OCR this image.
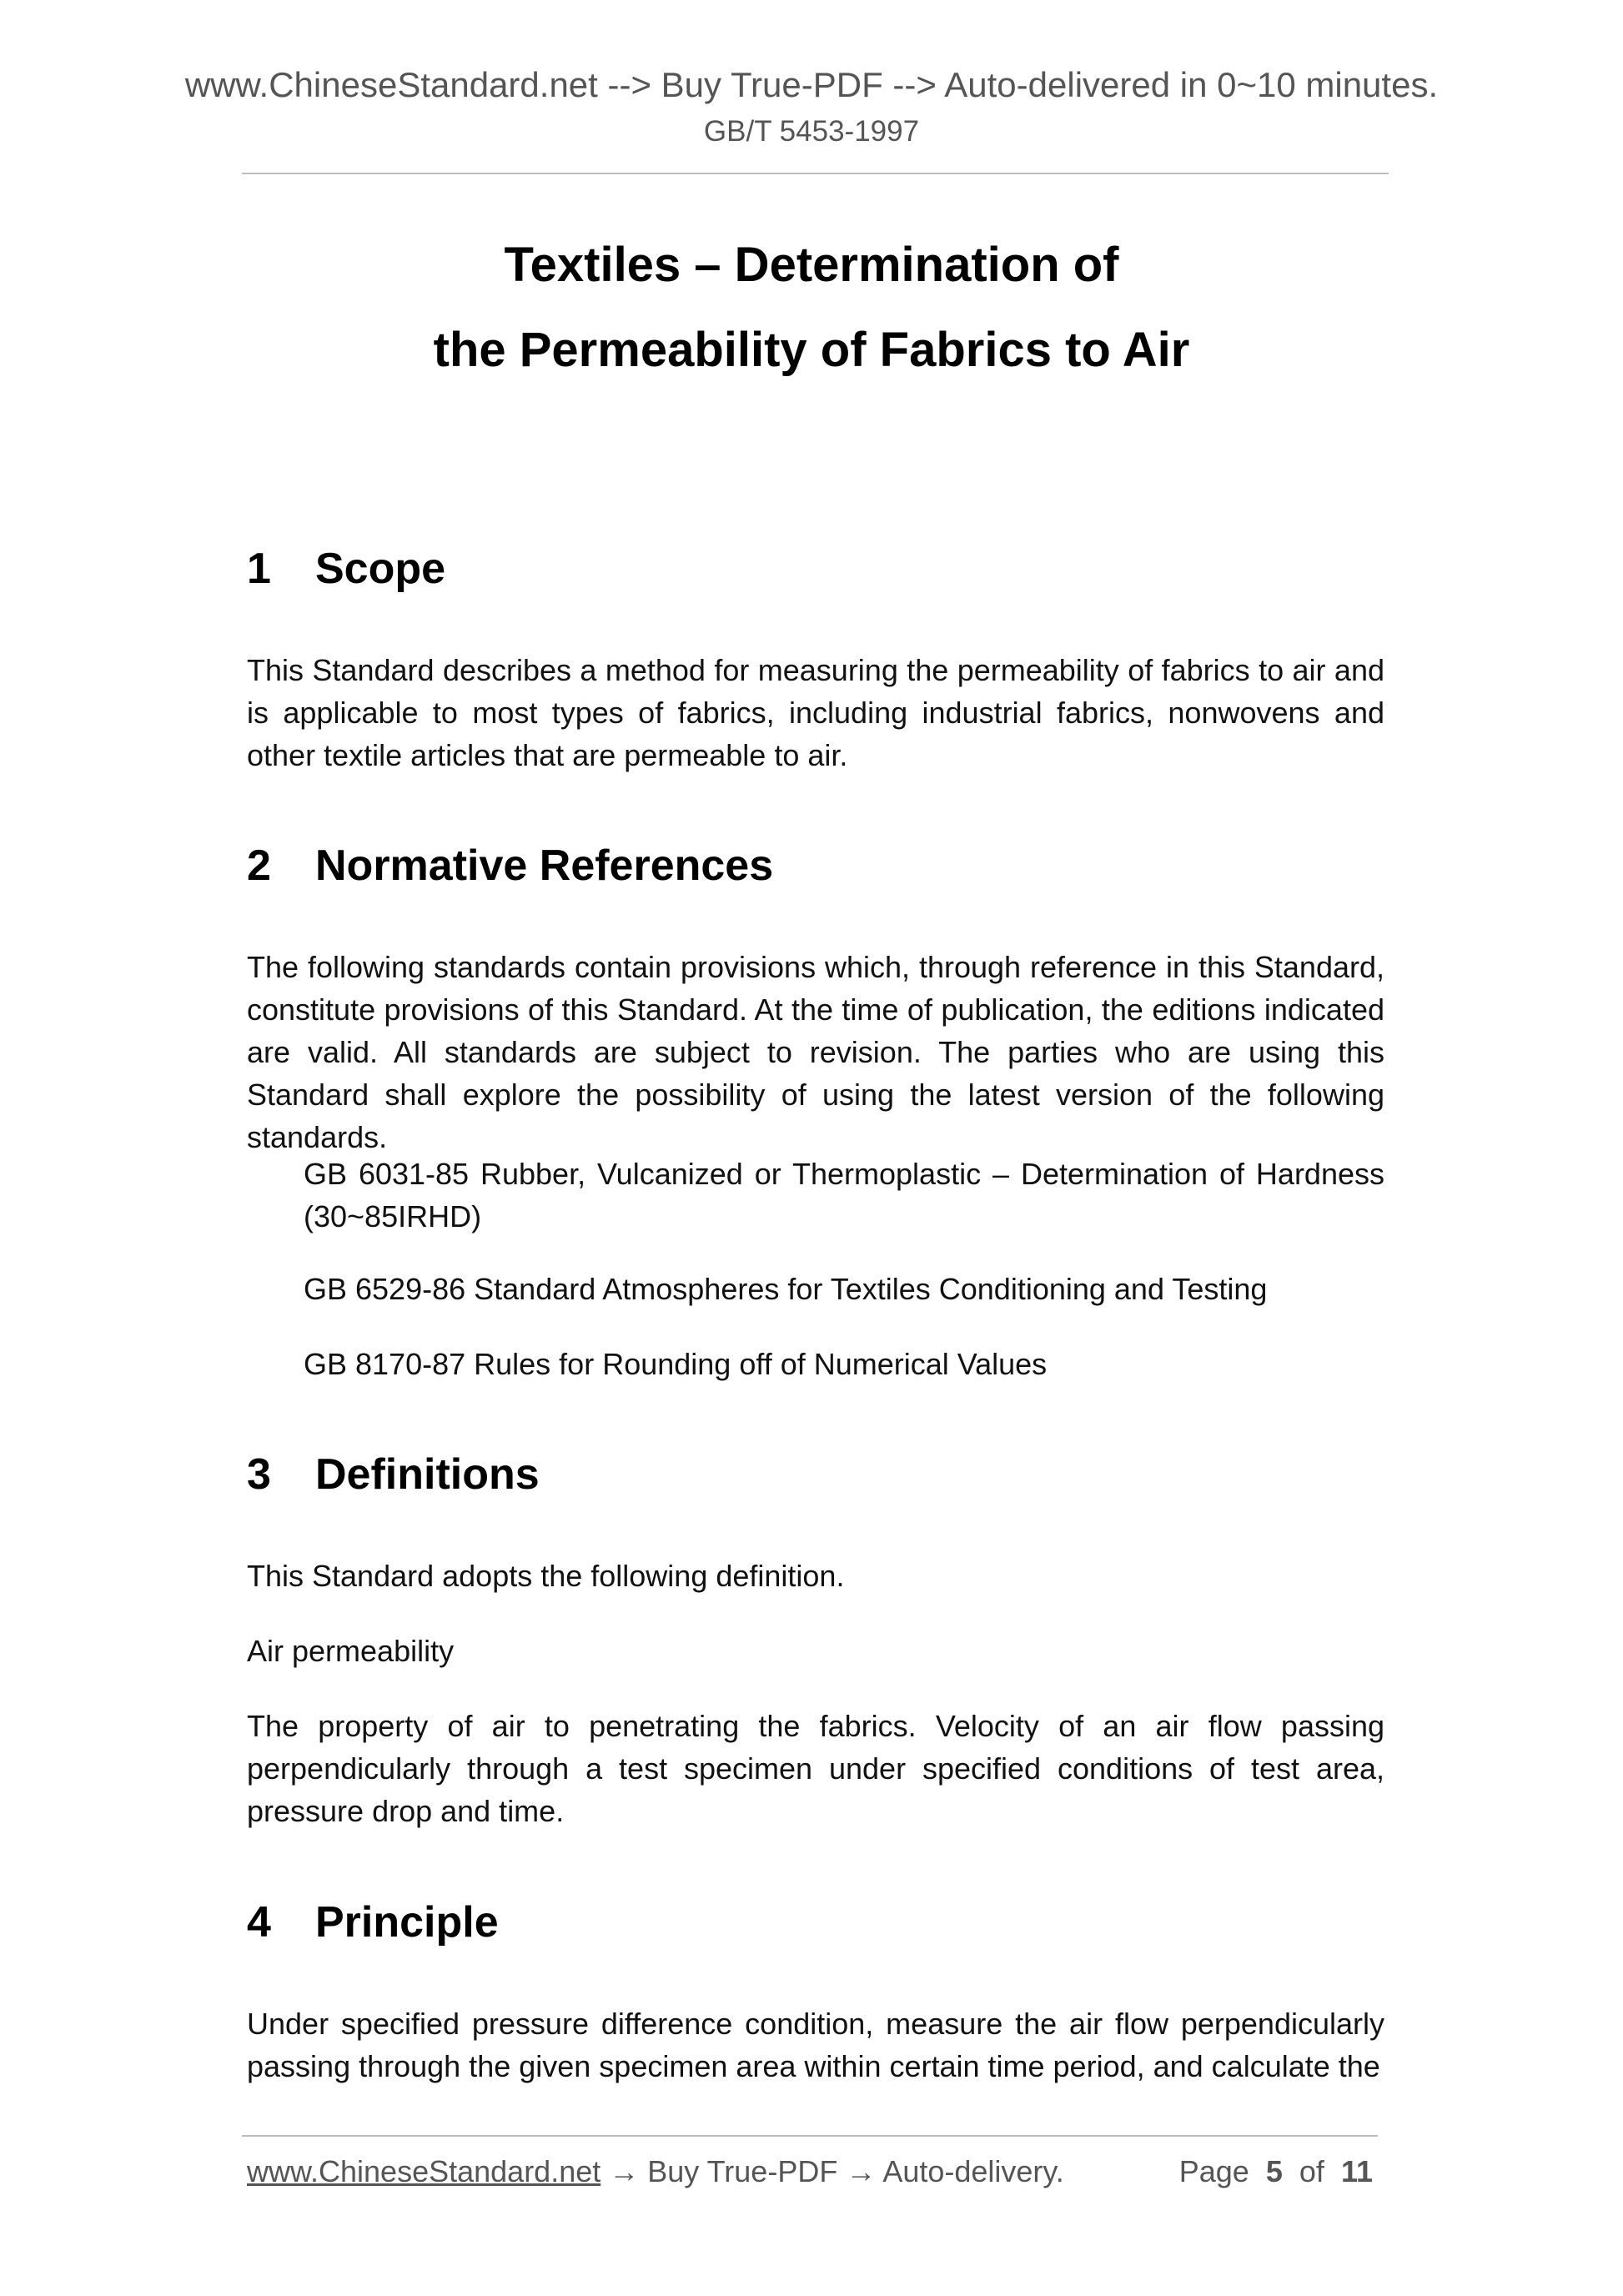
www.ChineseStandard.net --> Buy True-PDF --> Auto-delivered in 0~10 minutes.
GB/T 5453-1997
Textiles – Determination of
the Permeability of Fabrics to Air
1 Scope
This Standard describes a method for measuring the permeability of fabrics to air and is applicable to most types of fabrics, including industrial fabrics, nonwovens and other textile articles that are permeable to air.
2 Normative References
The following standards contain provisions which, through reference in this Standard, constitute provisions of this Standard. At the time of publication, the editions indicated are valid. All standards are subject to revision. The parties who are using this Standard shall explore the possibility of using the latest version of the following standards.
GB 6031-85 Rubber, Vulcanized or Thermoplastic – Determination of Hardness (30~85IRHD)
GB 6529-86 Standard Atmospheres for Textiles Conditioning and Testing
GB 8170-87 Rules for Rounding off of Numerical Values
3 Definitions
This Standard adopts the following definition.
Air permeability
The property of air to penetrating the fabrics. Velocity of an air flow passing perpendicularly through a test specimen under specified conditions of test area, pressure drop and time.
4 Principle
Under specified pressure difference condition, measure the air flow perpendicularly passing through the given specimen area within certain time period, and calculate the
www.ChineseStandard.net → Buy True-PDF → Auto-delivery.	Page 5 of 11
